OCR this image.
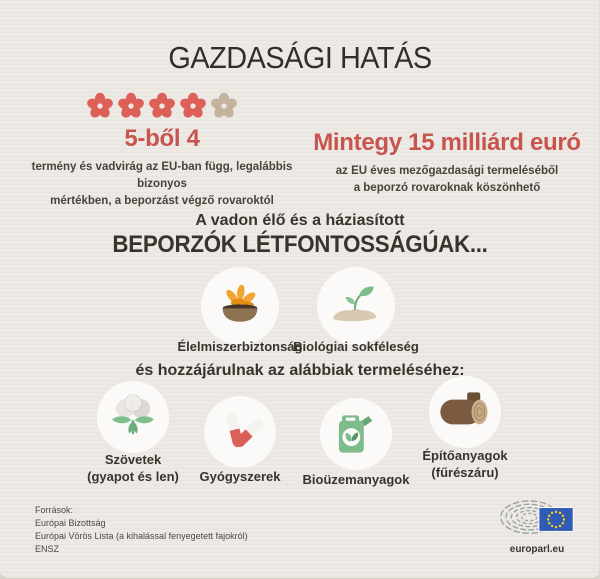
GAZDASÁGI HATÁS
5-ből 4
termény és vadvirág az EU-ban függ, legalábbis bizonyos
mértékben, a beporzást végző rovaroktól
Mintegy 15 milliárd euró
az EU éves mezőgazdasági termeléséből
a beporzó rovaroknak köszönhető
A vadon élő és a háziasított
BEPORZÓK LÉTFONTOSSÁGÚAK...
Élelmiszerbiztonság
Biológiai sokféleség
és hozzájárulnak az alábbiak termeléséhez:
Szövetek
(gyapot és len)	Gyógyszerek	Bioüzemanyagok
Építőanyagok
(fűrészáru)
Források:
Európai Bizottság
Európai Vörös Lista (a kihalással fenyegetett fajokról)
ENSZ	europarl.eu
